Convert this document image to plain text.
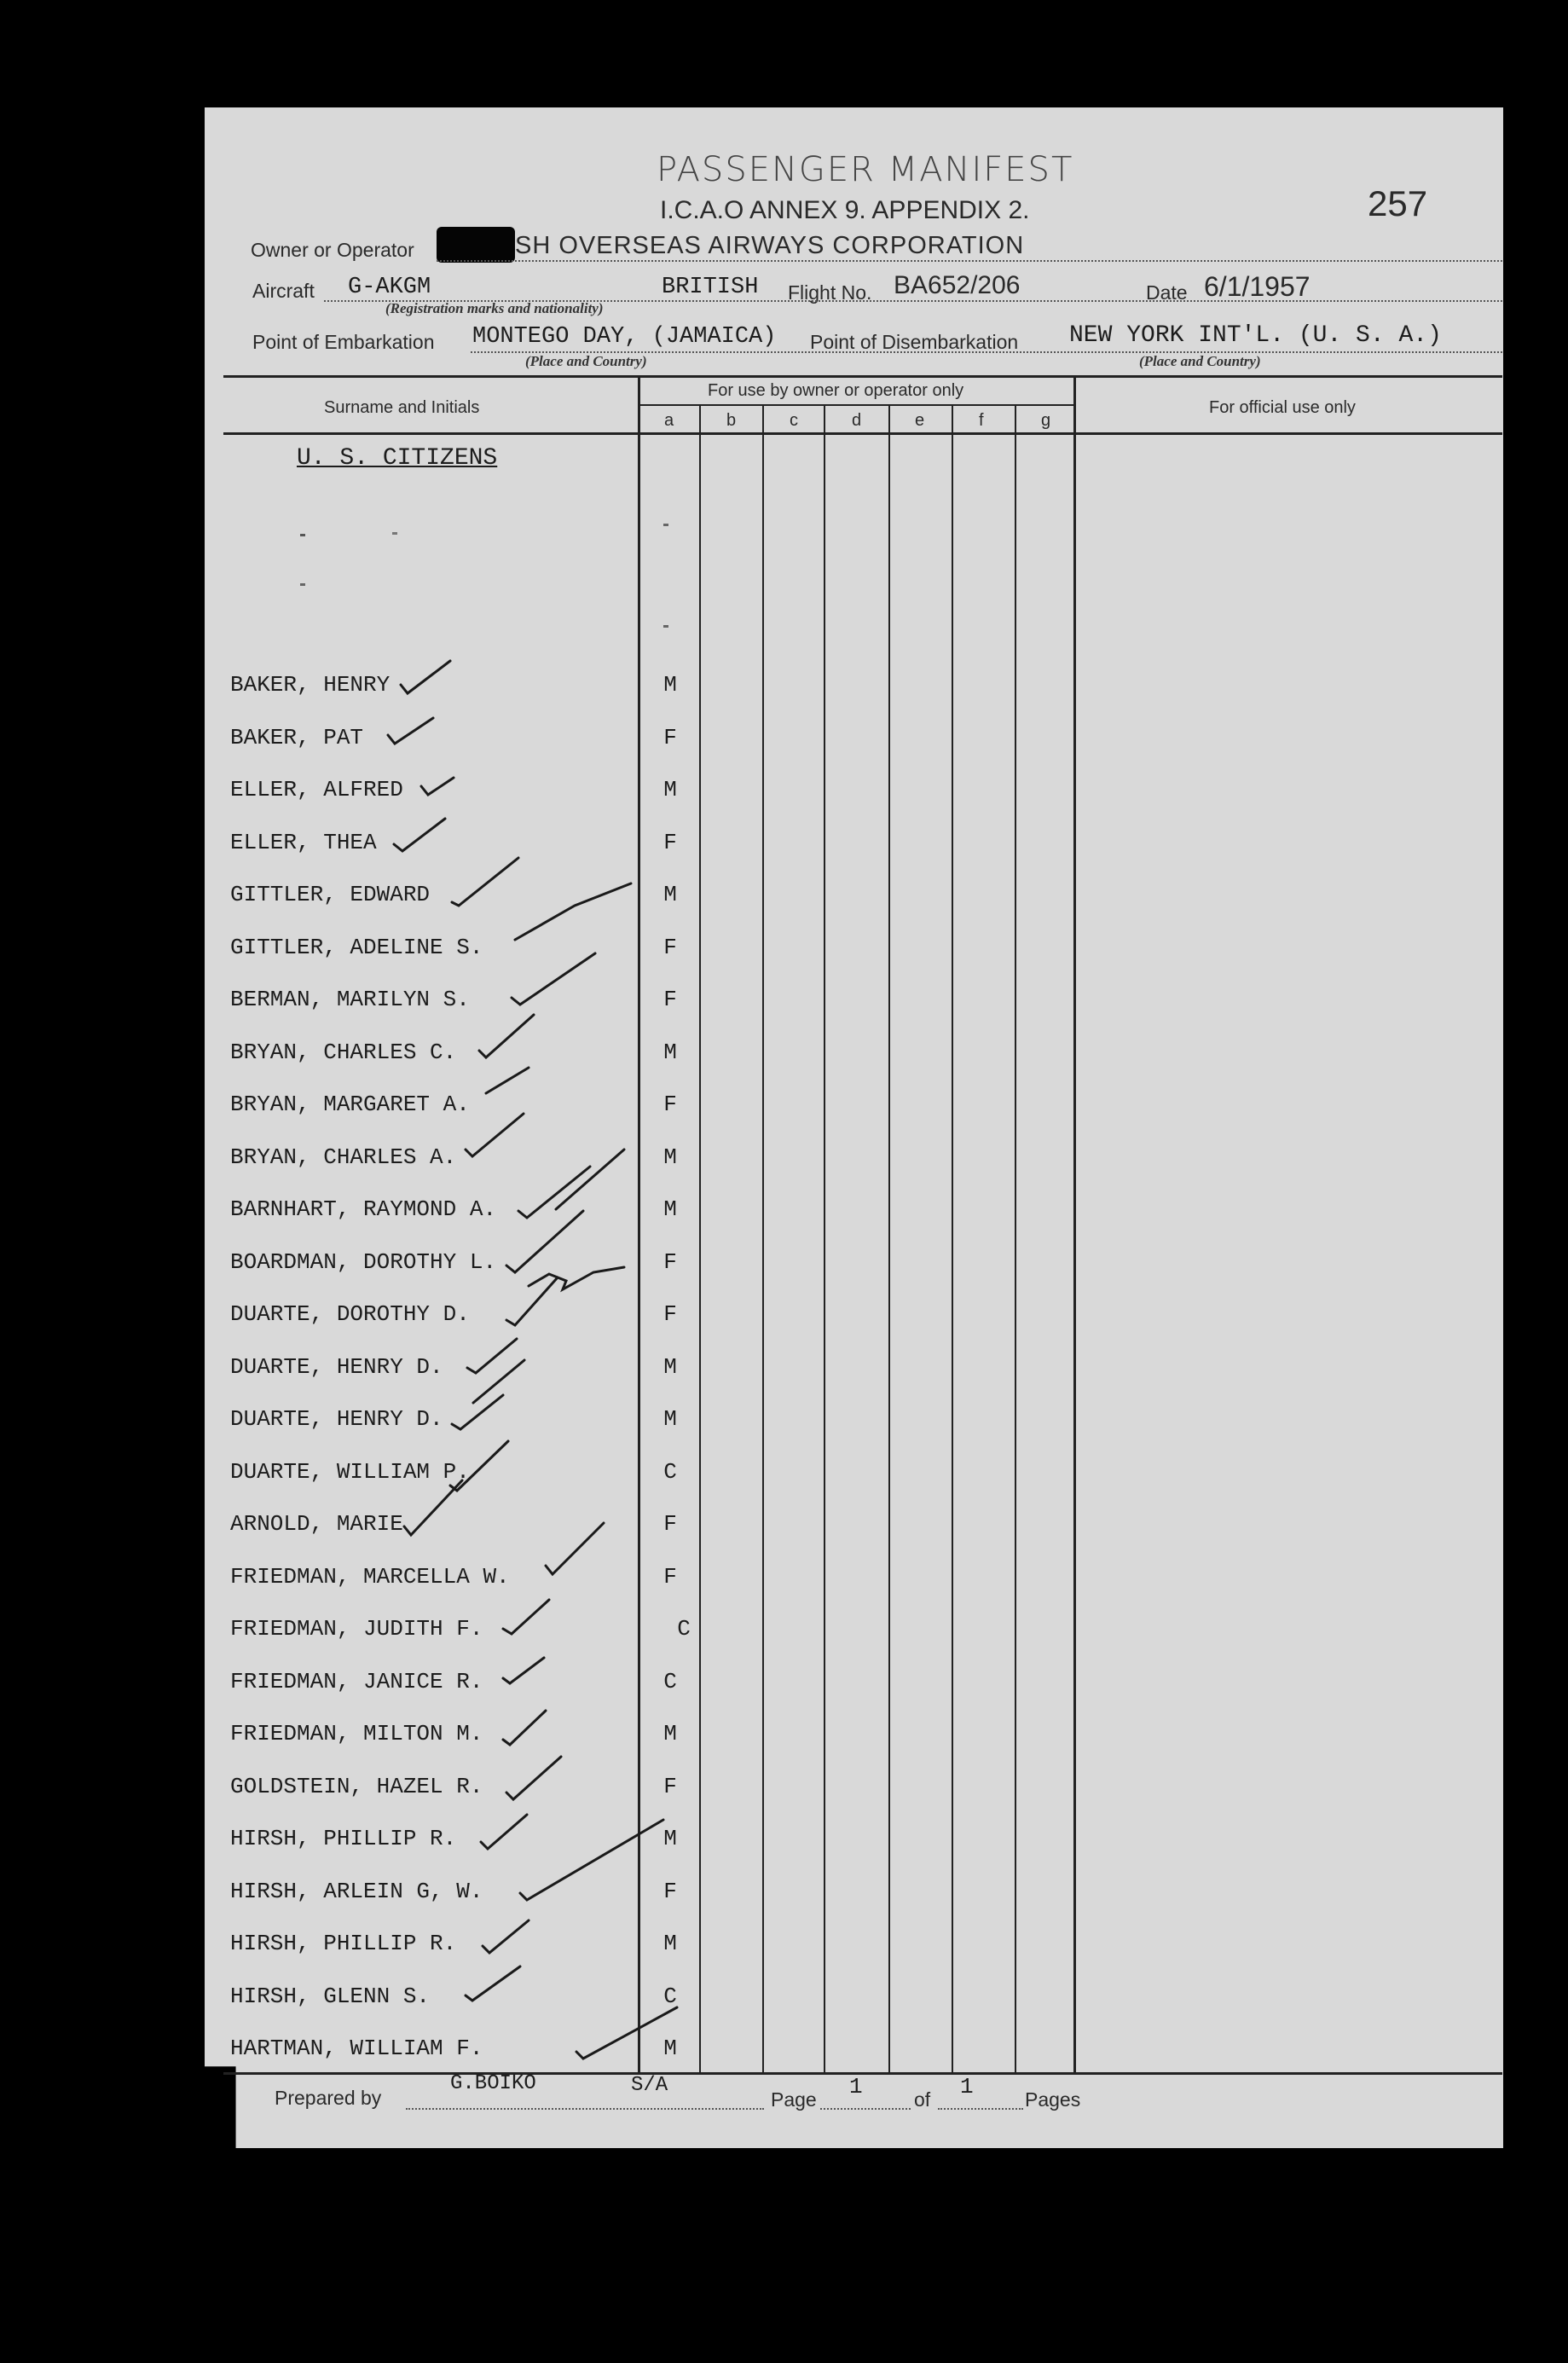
PASSENGER MANIFEST
I.C.A.O ANNEX 9. APPENDIX 2.	257
Owner or Operator	SH OVERSEAS AIRWAYS CORPORATION
Aircraft G-AKGM	BRITISH Flight No. BA652/206	Date 6/1/1957
(Registration marks and nationality)
Point of Embarkation MONTEGO DAY, (JAMAICA) Point of Disembarkation NEW YORK INT'L. (U. S. A.)
(Place and Country)	(Place and Country)
Surname and Initials
For use by owner or operator only
For official use only
a	b	c	d	e	f	g
U. S. CITIZENS
BAKER, HENRY	M
BAKER, PAT	F
ELLER, ALFRED	M
ELLER, THEA	F
GITTLER, EDWARD	M
GITTLER, ADELINE S.	F
BERMAN, MARILYN S.	F
BRYAN, CHARLES C.	M
BRYAN, MARGARET A.	F
BRYAN, CHARLES A.	M
BARNHART, RAYMOND A.	M
BOARDMAN, DOROTHY L.	F
DUARTE, DOROTHY D.	F
DUARTE, HENRY D.	M
DUARTE, HENRY D.	M
DUARTE, WILLIAM P.	C
ARNOLD, MARIE	F
FRIEDMAN, MARCELLA W.	F
FRIEDMAN, JUDITH F.	C
FRIEDMAN, JANICE R.	C
FRIEDMAN, MILTON M.	M
GOLDSTEIN, HAZEL R.	F
HIRSH, PHILLIP R.	M
HIRSH, ARLEIN G, W.	F
HIRSH, PHILLIP R.	M
HIRSH, GLENN S.	C
HARTMAN, WILLIAM F.	M
Prepared by
G.BOIKO	S/A
Page 1	of 1	Pages
